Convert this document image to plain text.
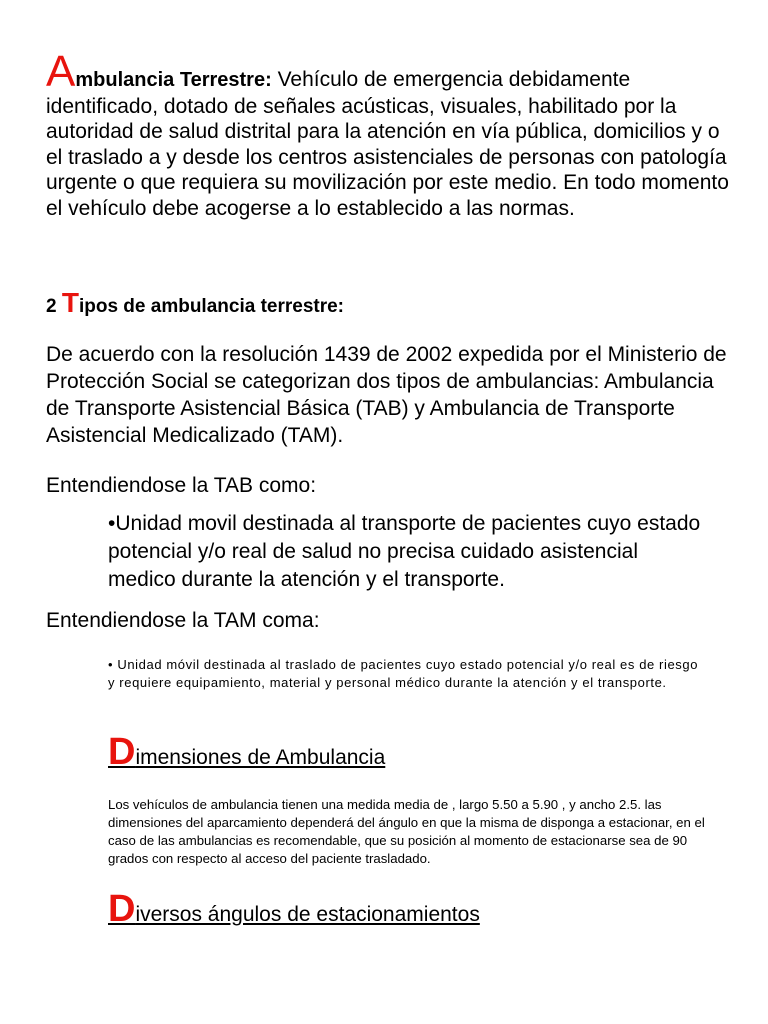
Ambulancia Terrestre: Vehículo de emergencia debidamente
identificado, dotado de señales acústicas, visuales, habilitado por la autoridad de salud distrital para la atención en vía pública, domicilios y o el traslado a y desde los centros asistenciales de personas con patología urgente o que requiera su movilización por este medio. En todo momento el vehículo debe acogerse a lo establecido a las normas.
2 Tipos de ambulancia terrestre:
De acuerdo con la resolución 1439 de 2002 expedida por el Ministerio de Protección Social se categorizan dos tipos de ambulancias: Ambulancia de Transporte Asistencial Básica (TAB) y Ambulancia de Transporte Asistencial Medicalizado (TAM).
Entendiendose la TAB como:
•Unidad movil destinada al transporte de pacientes cuyo estado potencial y/o real de salud no precisa cuidado asistencial medico durante la atención y el transporte.
Entendiendose la TAM coma:
• Unidad móvil destinada al traslado de pacientes cuyo estado potencial y/o real es de riesgo y requiere equipamiento, material y personal médico durante la atención y el transporte.
Dimensiones de Ambulancia
Los vehículos de ambulancia tienen una medida media de , largo 5.50 a 5.90 , y ancho 2.5. las dimensiones del aparcamiento dependerá del ángulo en que la misma de disponga a estacionar, en el caso de las ambulancias es recomendable, que su posición al momento de estacionarse sea de 90 grados con respecto al acceso del paciente trasladado.
Diversos ángulos de estacionamientos
